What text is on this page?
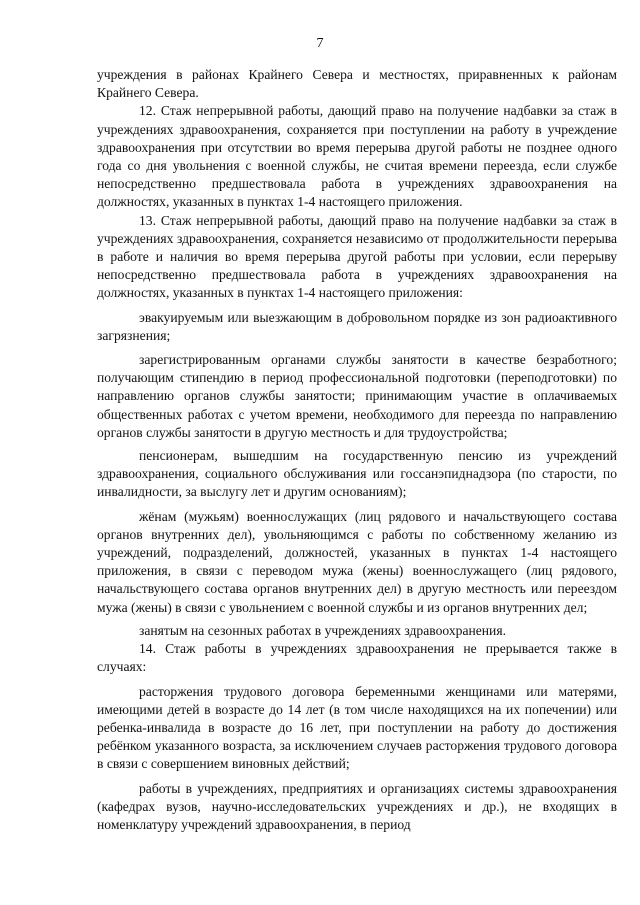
7

учреждения в районах Крайнего Севера и местностях, приравненных к районам Крайнего Севера.

12. Стаж непрерывной работы, дающий право на получение надбавки за стаж в учреждениях здравоохранения, сохраняется при поступлении на работу в учреждение здравоохранения при отсутствии во время перерыва другой работы не позднее одного года со дня увольнения с военной службы, не считая времени переезда, если службе непосредственно предшествовала работа в учреждениях здравоохранения на должностях, указанных в пунктах 1-4 настоящего приложения.

13. Стаж непрерывной работы, дающий право на получение надбавки за стаж в учреждениях здравоохранения, сохраняется независимо от продолжительности перерыва в работе и наличия во время перерыва другой работы при условии, если перерыву непосредственно предшествовала работа в учреждениях здравоохранения на должностях, указанных в пунктах 1-4 настоящего приложения:

эвакуируемым или выезжающим в добровольном порядке из зон радиоактивного загрязнения;

зарегистрированным органами службы занятости в качестве безработного; получающим стипендию в период профессиональной подготовки (переподготовки) по направлению органов службы занятости; принимающим участие в оплачиваемых общественных работах с учетом времени, необходимого для переезда по направлению органов службы занятости в другую местность и для трудоустройства;

пенсионерам, вышедшим на государственную пенсию из учреждений здравоохранения, социального обслуживания или госсанэпиднадзора (по старости, по инвалидности, за выслугу лет и другим основаниям);

жёнам (мужьям) военнослужащих (лиц рядового и начальствующего состава органов внутренних дел), увольняющимся с работы по собственному желанию из учреждений, подразделений, должностей, указанных в пунктах 1-4 настоящего приложения, в связи с переводом мужа (жены) военнослужащего (лиц рядового, начальствующего состава органов внутренних дел) в другую местность или переездом мужа (жены) в связи с увольнением с военной службы и из органов внутренних дел;

занятым на сезонных работах в учреждениях здравоохранения.

14. Стаж работы в учреждениях здравоохранения не прерывается также в случаях:

расторжения трудового договора беременными женщинами или матерями, имеющими детей в возрасте до 14 лет (в том числе находящихся на их попечении) или ребенка-инвалида в возрасте до 16 лет, при поступлении на работу до достижения ребёнком указанного возраста, за исключением случаев расторжения трудового договора в связи с совершением виновных действий;

работы в учреждениях, предприятиях и организациях системы здравоохранения (кафедрах вузов, научно-исследовательских учреждениях и др.), не входящих в номенклатуру учреждений здравоохранения, в период
